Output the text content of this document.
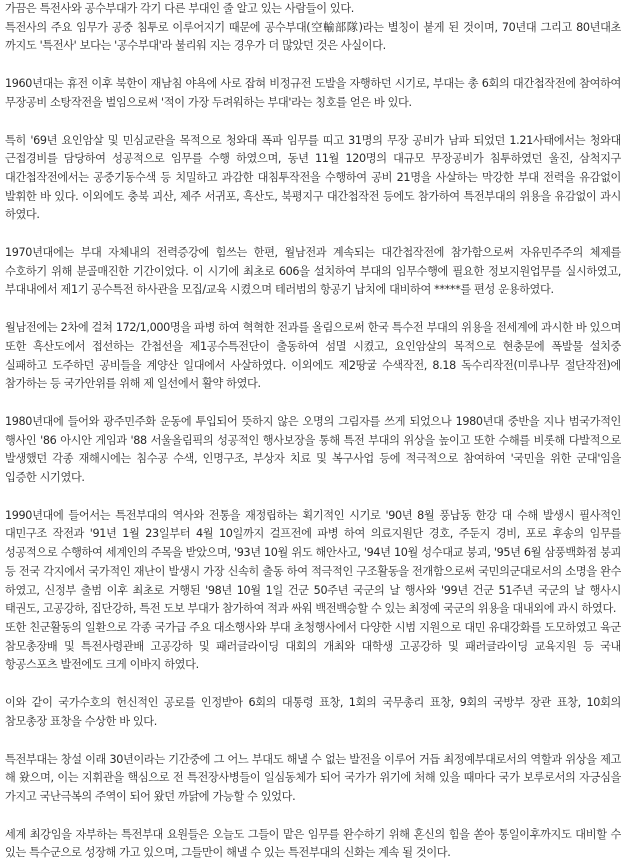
가끔은 특전사와 공수부대가 각기 다른 부대인 줄 알고 있는 사람들이 있다.

특전사의 주요 임무가 공중 침투로 이루어지기 때문에 공수부대(空輸部隊)라는 별칭이 붙게 된 것이며, 70년대 그리고 80년대초 까지도 '특전사' 보다는 '공수부대'라 불리워 지는 경우가 더 많았던 것은 사실이다.

1960년대는 휴전 이후 북한이 재남침 야욕에 사로 잡혀 비정규전 도발을 자행하던 시기로, 부대는 총 6회의 대간첩작전에 참여하여 무장공비 소탕작전을 벌임으로써 '적이 가장 두려워하는 부대'라는 칭호를 얻은 바 있다.

특히 '69년 요인암살 및 민심교란을 목적으로 청와대 폭파 임무를 띠고 31명의 무장 공비가 남파 되었던 1.21사태에서는 청와대 근접경비를 담당하여 성공적으로 임무를 수행 하였으며, 동년 11월 120명의 대규모 무장공비가 침투하였던 울진, 삼척지구 대간첩작전에서는 공중기동수색 등 치밀하고 과감한 대침투작전을 수행하여 공비 21명을 사살하는 막강한 부대 전력을 유감없이 발휘한 바 있다. 이외에도 충북 괴산, 제주 서귀포, 흑산도, 북평지구 대간첩작전 등에도 참가하여 특전부대의 위용을 유감없이 과시 하였다.

1970년대에는 부대 자체내의 전력증강에 힘쓰는 한편, 월남전과 계속되는 대간첩작전에 참가함으로써 자유민주주의 체제를 수호하기 위해 분골매진한 기간이었다. 이 시기에 최초로 606을 설치하여 부대의 임무수행에 필요한 정보지원업무를 실시하였고, 부대내에서 제1기 공수특전 하사관을 모집/교육 시켰으며 테러범의 항공기 납치에 대비하여 *****를 편성 운용하였다.

월남전에는 2차에 걸쳐 172/1,000명을 파병 하여 혁혁한 전과를 올림으로써 한국 특수전 부대의 위용을 전세계에 과시한 바 있으며 또한 흑산도에서 접선하는 간첩선을 제1공수특전단이 출동하여 섬멸 시켰고, 요인암살의 목적으로 현충문에 폭발물 설치중 실패하고 도주하던 공비들을 계양산 일대에서 사살하였다. 이외에도 제2땅굴 수색작전, 8.18 독수리작전(미루나무 절단작전)에 참가하는 등 국가안위를 위해 제 일선에서 활약 하였다.

1980년대에 들어와 광주민주화 운동에 투입되어 뜻하지 않은 오명의 그림자를 쓰게 되었으나 1980년대 중반을 지나 범국가적인 행사인 '86 아시안 게임과 '88 서울올림픽의 성공적인 행사보장을 통해 특전 부대의 위상을 높이고 또한 수해를 비롯해 다발적으로 발생했던 각종 재해시에는 침수공 수색, 인명구조, 부상자 치료 및 복구사업 등에 적극적으로 참여하여 '국민을 위한 군대'임을 입증한 시기였다.

1990년대에 들어서는 특전부대의 역사와 전통을 재정립하는 획기적인 시기로 '90년 8월 풍납동 한강 대 수해 발생시 필사적인 대민구조 작전과 '91년 1월 23일부터 4월 10일까지 걸프전에 파병 하여 의료지원단 경호, 주둔지 경비, 포로 후송의 임무를 성공적으로 수행하여 세계인의 주목을 받았으며, '93년 10월 위도 해안사고, '94년 10월 성수대교 붕괴, '95년 6월 삼풍백화점 붕괴 등 전국 각지에서 국가적인 재난이 발생시 가장 신속히 출동 하여 적극적인 구조활동을 전개함으로써 국민의군대로서의 소명을 완수 하였고, 신정부 출범 이후 최초로 거행된 '98년 10월 1일 건군 50주년 국군의 날 행사와 '99년 건군 51주년 국군의 날 행사시 태권도, 고공강하, 집단강하, 특전 도보 부대가 참가하여 적과 싸워 백전백승할 수 있는 최정예 국군의 위용을 대내외에 과시 하였다.

또한 친군활동의 일환으로 각종 국가급 주요 대소행사와 부대 초청행사에서 다양한 시범 지원으로 대민 유대강화를 도모하였고 육군 참모총장배 및 특전사령관배 고공강하 및 패러글라이딩 대회의 개최와 대학생 고공강하 및 패러글라이딩 교육지원 등 국내 항공스포츠 발전에도 크게 이바지 하였다.

이와 같이 국가수호의 헌신적인 공로를 인정받아 6회의 대통령 표창, 1회의 국무총리 표창, 9회의 국방부 장관 표창, 10회의 참모총장 표창을 수상한 바 있다.

특전부대는 창설 이래 30년이라는 기간중에 그 어느 부대도 해낼 수 없는 발전을 이루어 거듭 최정예부대로서의 역할과 위상을 제고 해 왔으며, 이는 지휘관을 핵심으로 전 특전장사병들이 일심동체가 되어 국가가 위기에 처해 있을 때마다 국가 보루로서의 자긍심을 가지고 국난극복의 주역이 되어 왔던 까닭에 가능할 수 있었다.

세계 최강임을 자부하는 특전부대 요원들은 오늘도 그들이 맡은 임무를 완수하기 위해 혼신의 힘을 쏟아 통일이후까지도 대비할 수 있는 특수군으로 성장해 가고 있으며, 그들만이 해낼 수 있는 특전부대의 신화는 계속 될 것이다.
